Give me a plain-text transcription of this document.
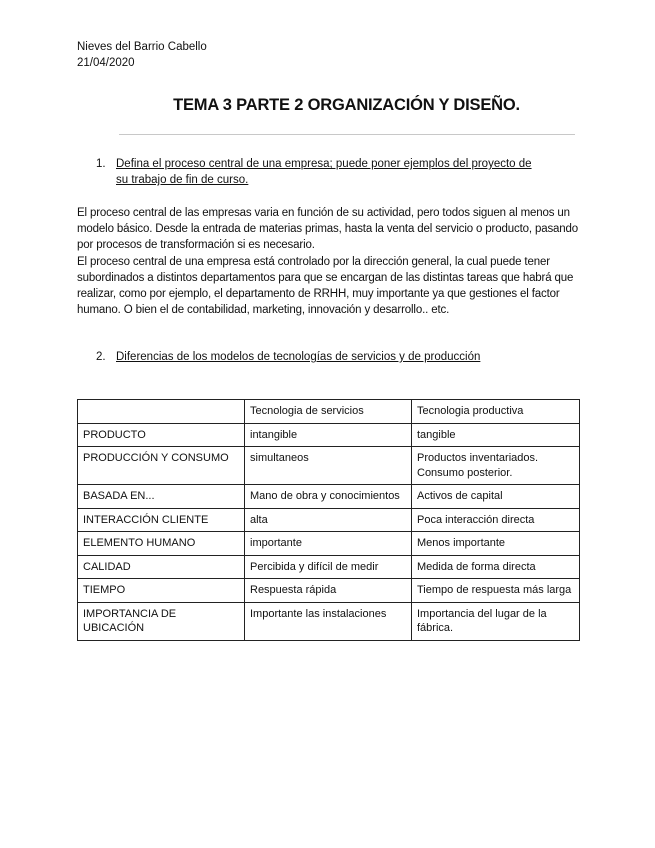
Nieves del Barrio Cabello
21/04/2020
TEMA 3 PARTE 2 ORGANIZACIÓN Y DISEÑO.
1. Defina el proceso central de una empresa; puede poner ejemplos del proyecto de
su trabajo de fin de curso.

El proceso central de las empresas varia en función de su actividad, pero todos siguen al menos un modelo básico. Desde la entrada de materias primas, hasta la venta del servicio o producto, pasando por procesos de transformación si es necesario.

El proceso central de una empresa está controlado por la dirección general, la cual puede tener subordinados a distintos departamentos para que se encargan de las distintas tareas que habrá que realizar, como por ejemplo, el departamento de RRHH, muy importante ya que gestiones el factor humano. O bien el de contabilidad, marketing, innovación y desarrollo.. etc.

2. Diferencias de los modelos de tecnologías de servicios y de producción
	Tecnologia de servicios	Tecnologia productiva
PRODUCTO	intangible	tangible
PRODUCCIÓN Y CONSUMO	simultaneos	Productos inventariados. Consumo posterior.
BASADA EN...	Mano de obra y conocimientos	Activos de capital
INTERACCIÓN CLIENTE	alta	Poca interacción directa
ELEMENTO HUMANO	importante	Menos importante
CALIDAD	Percibida y difícil de medir	Medida de forma directa
TIEMPO	Respuesta rápida	Tiempo de respuesta más larga
IMPORTANCIA DE UBICACIÓN	Importante las instalaciones	Importancia del lugar de la fábrica.
